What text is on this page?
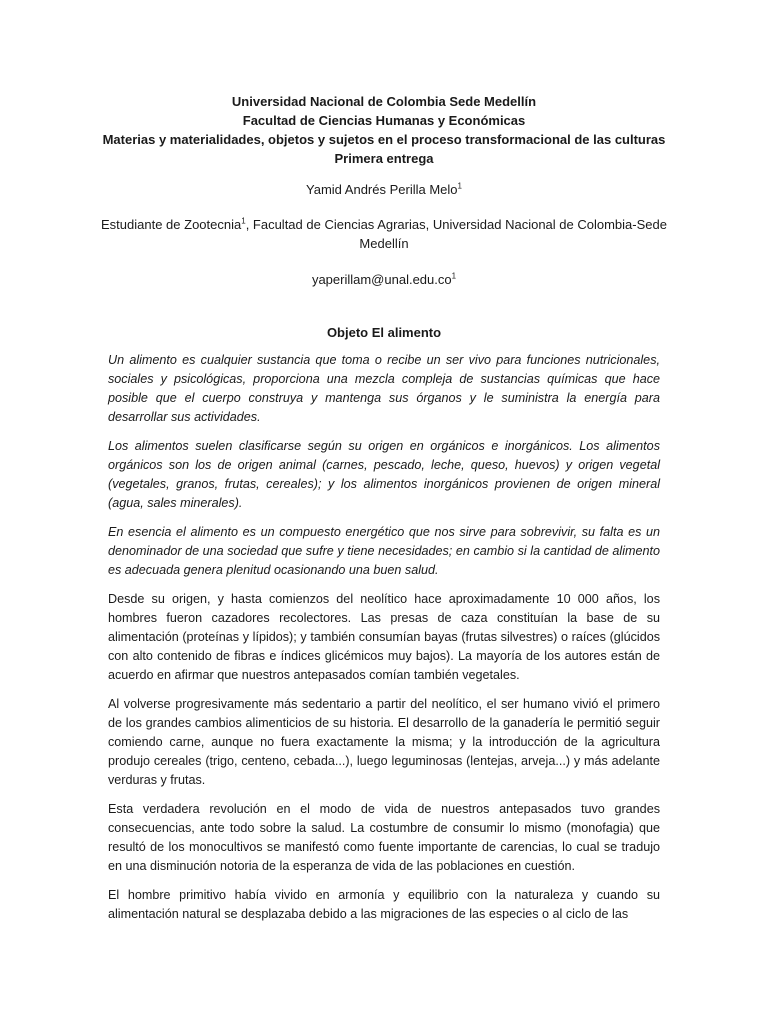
Universidad Nacional de Colombia Sede Medellín
Facultad de Ciencias Humanas y Económicas
Materias y materialidades, objetos y sujetos en el proceso transformacional de las culturas
Primera entrega
Yamid Andrés Perilla Melo$^1$
Estudiante de Zootecnia$^1$, Facultad de Ciencias Agrarias, Universidad Nacional de Colombia-Sede Medellín
$yaperillam@unal.edu.co^1$
Objeto El alimento

Un alimento es cualquier sustancia que toma o recibe un ser vivo para funciones nutricionales, sociales y psicológicas, proporciona una mezcla compleja de sustancias químicas que hace posible que el cuerpo construya y mantenga sus órganos y le suministra la energía para desarrollar sus actividades.

Los alimentos suelen clasificarse según su origen en orgánicos e inorgánicos. Los alimentos orgánicos son los de origen animal (carnes, pescado, leche, queso, huevos) y origen vegetal (vegetales, granos, frutas, cereales); y los alimentos inorgánicos provienen de origen mineral (agua, sales minerales).

En esencia el alimento es un compuesto energético que nos sirve para sobrevivir, su falta es un denominador de una sociedad que sufre y tiene necesidades; en cambio si la cantidad de alimento es adecuada genera plenitud ocasionando una buen salud.

Desde su origen, y hasta comienzos del neolítico hace aproximadamente 10 000 años, los hombres fueron cazadores recolectores. Las presas de caza constituían la base de su alimentación (proteínas y lípidos); y también consumían bayas (frutas silvestres) o raíces (glúcidos con alto contenido de fibras e índices glicémicos muy bajos). La mayoría de los autores están de acuerdo en afirmar que nuestros antepasados comían también vegetales.

Al volverse progresivamente más sedentario a partir del neolítico, el ser humano vivió el primero de los grandes cambios alimenticios de su historia. El desarrollo de la ganadería le permitió seguir comiendo carne, aunque no fuera exactamente la misma; y la introducción de la agricultura produjo cereales (trigo, centeno, cebada...), luego leguminosas (lentejas, arveja...) y más adelante verduras y frutas.

Esta verdadera revolución en el modo de vida de nuestros antepasados tuvo grandes consecuencias, ante todo sobre la salud. La costumbre de consumir lo mismo (monofagia) que resultó de los monocultivos se manifestó como fuente importante de carencias, lo cual se tradujo en una disminución notoria de la esperanza de vida de las poblaciones en cuestión.

El hombre primitivo había vivido en armonía y equilibrio con la naturaleza y cuando su alimentación natural se desplazaba debido a las migraciones de las especies o al ciclo de las
